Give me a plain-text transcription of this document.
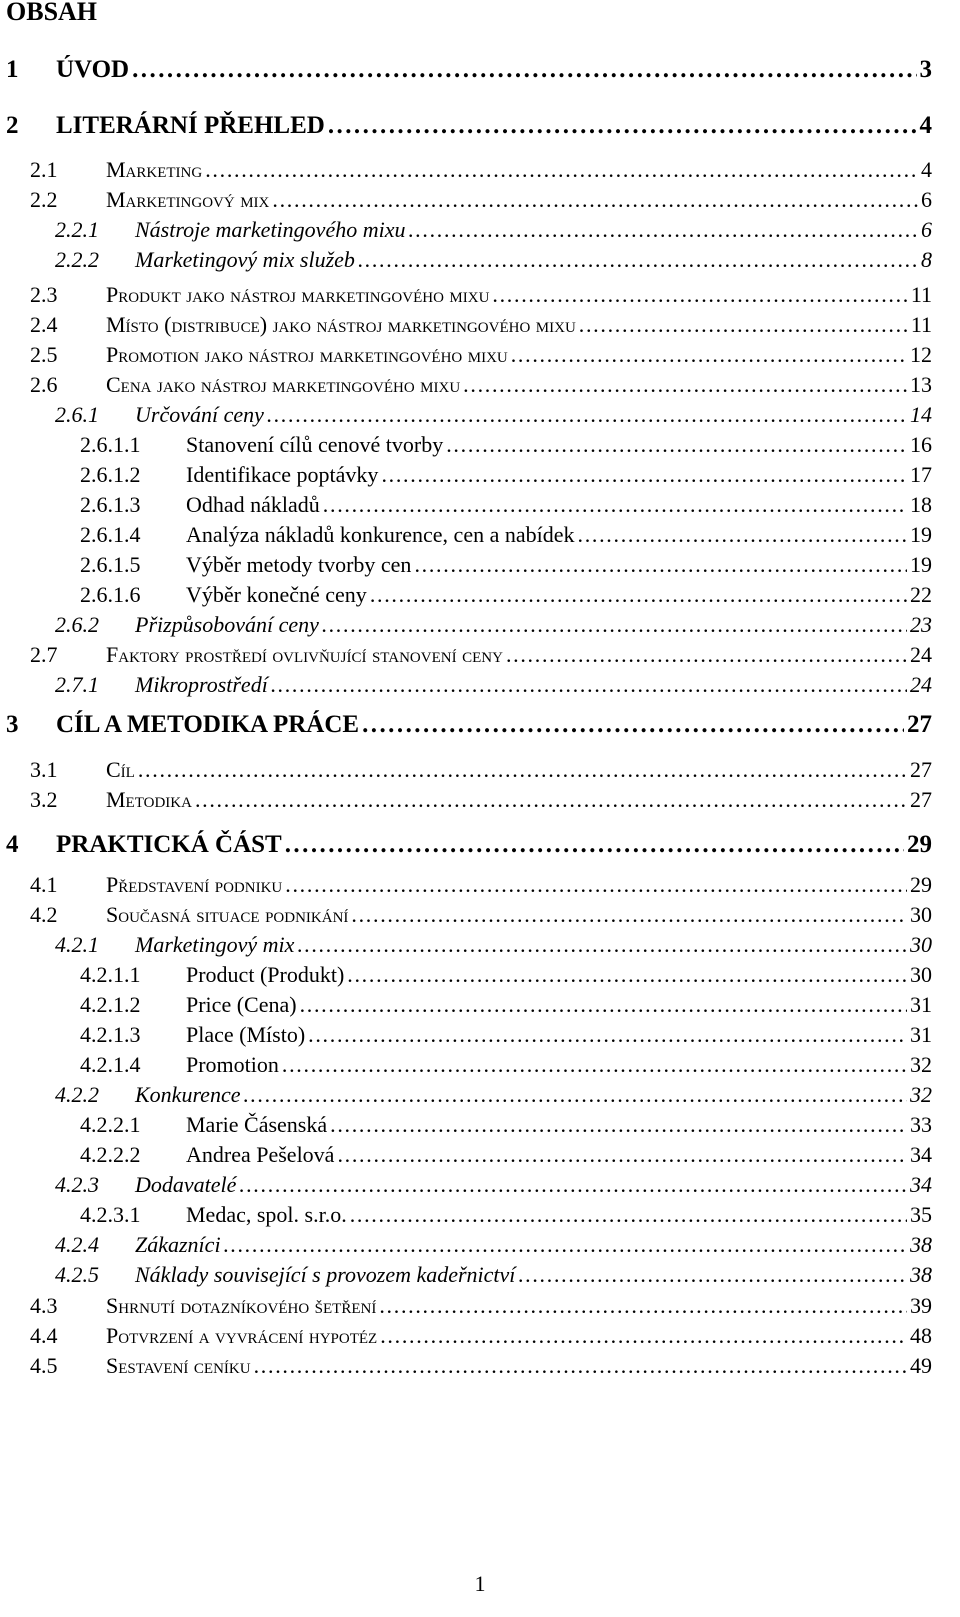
OBSAH
1	ÚVOD . . .	3
2	LITERÁRNÍ PŘEHLED . . .	4
2.1	Marketing . . .	4
2.2	Marketingový mix . . .	6
2.2.1	Nástroje marketingového mixu . . .	6
2.2.2	Marketingový mix služeb . . .	8
2.3	Produkt jako nástroj marketingového mixu . . .	11
2.4	Místo (distribuce) jako nástroj marketingového mixu . . .	11
2.5	Promotion jako nástroj marketingového mixu . . .	12
2.6	Cena jako nástroj marketingového mixu . . .	13
2.6.1	Určování ceny . . .	14
2.6.1.1	Stanovení cílů cenové tvorby . . .	16
2.6.1.2	Identifikace poptávky . . .	17
2.6.1.3	Odhad nákladů . . .	18
2.6.1.4	Analýza nákladů konkurence, cen a nabídek . . .	19
2.6.1.5	Výběr metody tvorby cen . . .	19
2.6.1.6	Výběr konečné ceny . . .	22
2.6.2	Přizpůsobování ceny . . .	23
2.7	Faktory prostředí ovlivňující stanovení ceny . . .	24
2.7.1	Mikroprostředí . . .	24
3	CÍL A METODIKA PRÁCE . . .	27
3.1	Cíl . . .	27
3.2	Metodika . . .	27
4	PRAKTICKÁ ČÁST . . .	29
4.1	Představení podniku . . .	29
4.2	Současná situace podnikání . . .	30
4.2.1	Marketingový mix . . .	30
4.2.1.1	Product (Produkt) . . .	30
4.2.1.2	Price (Cena) . . .	31
4.2.1.3	Place (Místo) . . .	31
4.2.1.4	Promotion . . .	32
4.2.2	Konkurence . . .	32
4.2.2.1	Marie Čásenská . . .	33
4.2.2.2	Andrea Pešelová . . .	34
4.2.3	Dodavatelé . . .	34
4.2.3.1	Medac, spol. s.r.o. . . .	35
4.2.4	Zákazníci . . .	38
4.2.5	Náklady související s provozem kadeřnictví . . .	38
4.3	Shrnutí dotazníkového šetření . . .	39
4.4	Potvrzení a vyvrácení hypotéz . . .	48
4.5	Sestavení ceníku . . .	49
1
